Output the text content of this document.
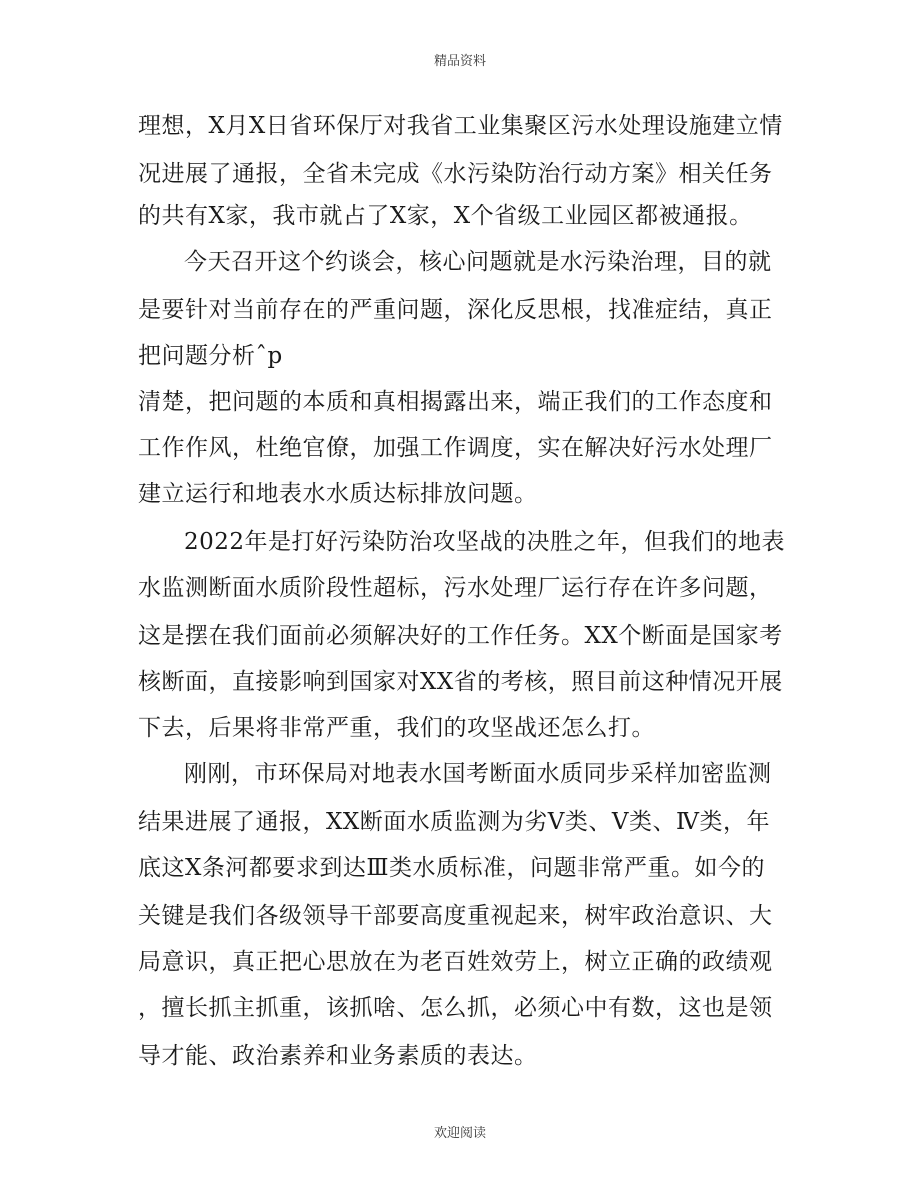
精品资料
理想，X月X日省环保厅对我省工业集聚区污水处理设施建立情
况进展了通报，全省未完成《水污染防治行动方案》相关任务
的共有X家，我市就占了X家，X个省级工业园区都被通报。
今天召开这个约谈会，核心问题就是水污染治理，目的就
是要针对当前存在的严重问题，深化反思根，找准症结，真正
把问题分析ˆp
清楚，把问题的本质和真相揭露出来，端正我们的工作态度和
工作作风，杜绝官僚，加强工作调度，实在解决好污水处理厂
建立运行和地表水水质达标排放问题。
2022年是打好污染防治攻坚战的决胜之年，但我们的地表
水监测断面水质阶段性超标，污水处理厂运行存在许多问题，
这是摆在我们面前必须解决好的工作任务。XX个断面是国家考
核断面，直接影响到国家对XX省的考核，照目前这种情况开展
下去，后果将非常严重，我们的攻坚战还怎么打。
刚刚，市环保局对地表水国考断面水质同步采样加密监测
结果进展了通报，XX断面水质监测为劣Ⅴ类、Ⅴ类、Ⅳ类，年
底这X条河都要求到达Ⅲ类水质标准，问题非常严重。如今的
关键是我们各级领导干部要高度重视起来，树牢政治意识、大
局意识，真正把心思放在为老百姓效劳上，树立正确的政绩观
，擅长抓主抓重，该抓啥、怎么抓，必须心中有数，这也是领
导才能、政治素养和业务素质的表达。
欢迎阅读
